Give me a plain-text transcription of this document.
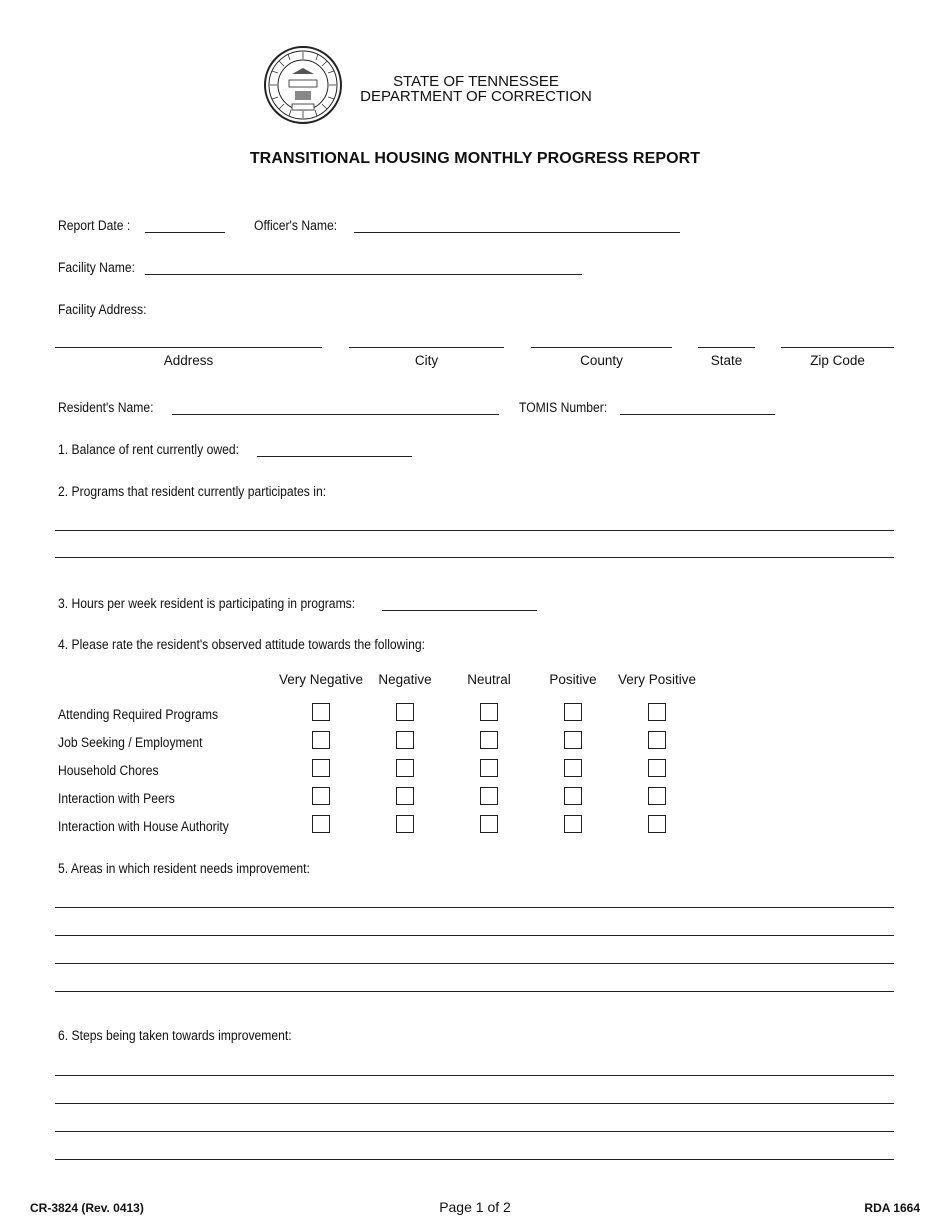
STATE OF TENNESSEE
DEPARTMENT OF CORRECTION
TRANSITIONAL HOUSING MONTHLY PROGRESS REPORT
Report Date :	Officer's Name:
Facility Name:
Facility Address:
Address	City	County	State	Zip Code
Resident's Name:	TOMIS Number:
1. Balance of rent currently owed:
2. Programs that resident currently participates in:
3. Hours per week resident is participating in programs:
4. Please rate the resident's observed attitude towards the following:
Very Negative	Negative	Neutral	Positive	Very Positive
Attending Required Programs
Job Seeking / Employment
Household Chores
Interaction with Peers
Interaction with House Authority
5. Areas in which resident needs improvement:
6. Steps being taken towards improvement:
CR-3824 (Rev. 0413)	Page 1 of 2	RDA 1664
